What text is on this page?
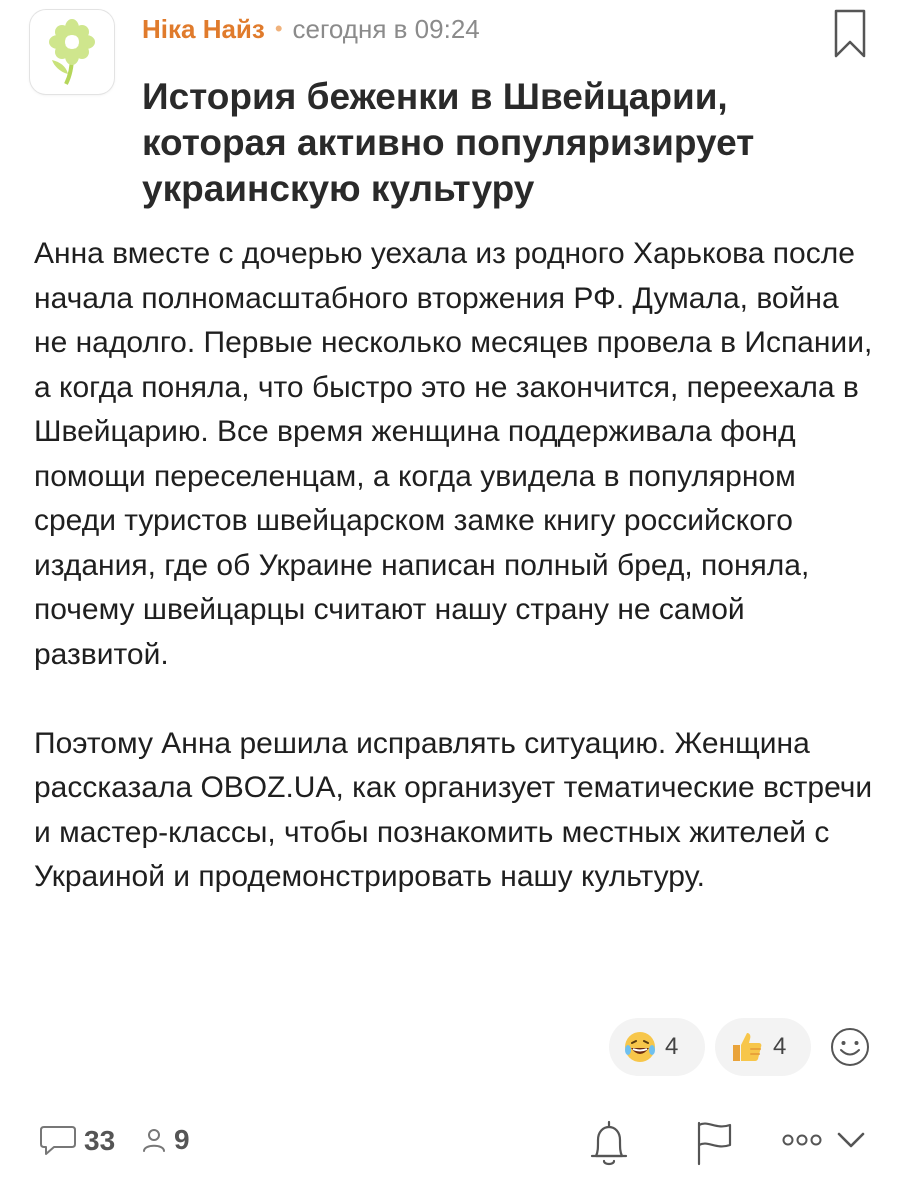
Ніка Найз • сегодня в 09:24
История беженки в Швейцарии, которая активно популяризирует украинскую культуру

Анна вместе с дочерью уехала из родного Харькова после начала полномасштабного вторжения РФ. Думала, война не надолго. Первые несколько месяцев провела в Испании, а когда поняла, что быстро это не закончится, переехала в Швейцарию. Все время женщина поддерживала фонд помощи переселенцам, а когда увидела в популярном среди туристов швейцарском замке книгу российского издания, где об Украине написан полный бред, поняла, почему швейцарцы считают нашу страну не самой развитой.

Поэтому Анна решила исправлять ситуацию. Женщина рассказала OBOZ.UA, как организует тематические встречи и мастер-классы, чтобы познакомить местных жителей с Украиной и продемонстрировать нашу культуру.

4	4
33 9
